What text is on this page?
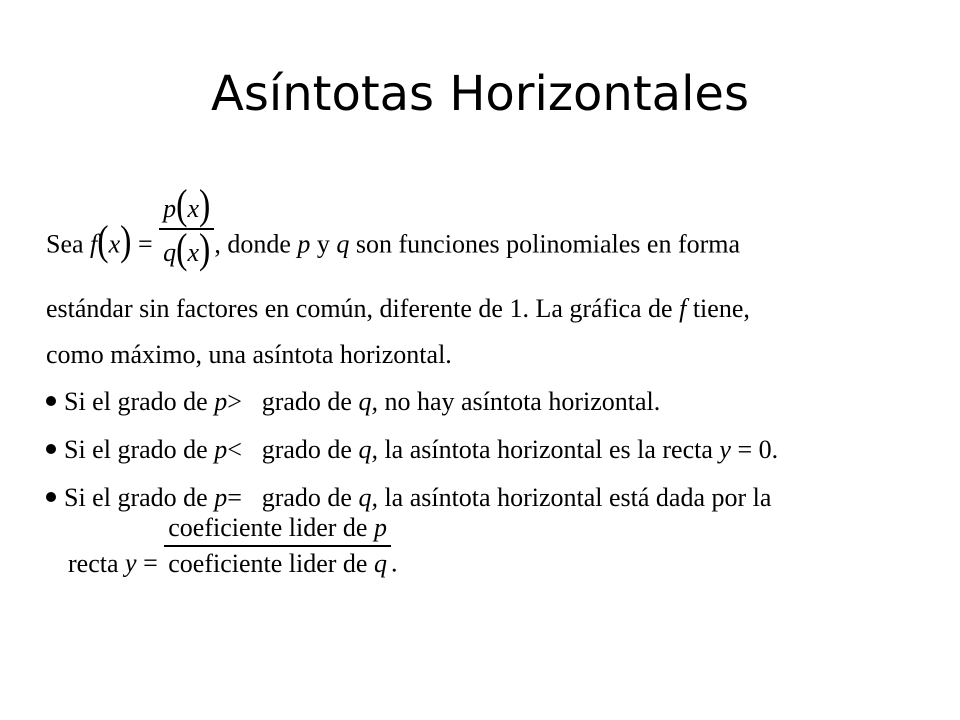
Asíntotas Horizontales
Sea $f(x) = \frac{p(x)}{q(x)}$ , donde p y q son funciones polinomiales en forma
estándar sin factores en común, diferente de 1. La gráfica de f tiene,
como máximo, una asíntota horizontal.
Si el grado de p> grado de q, no hay asíntota horizontal.
Si el grado de p< grado de q, la asíntota horizontal es la recta y = 0.
Si el grado de p= grado de q, la asíntota horizontal está dada por la
recta $y = \frac{\text{coeficiente lider de p}}{\text{coeficiente lider de q}}$ .
